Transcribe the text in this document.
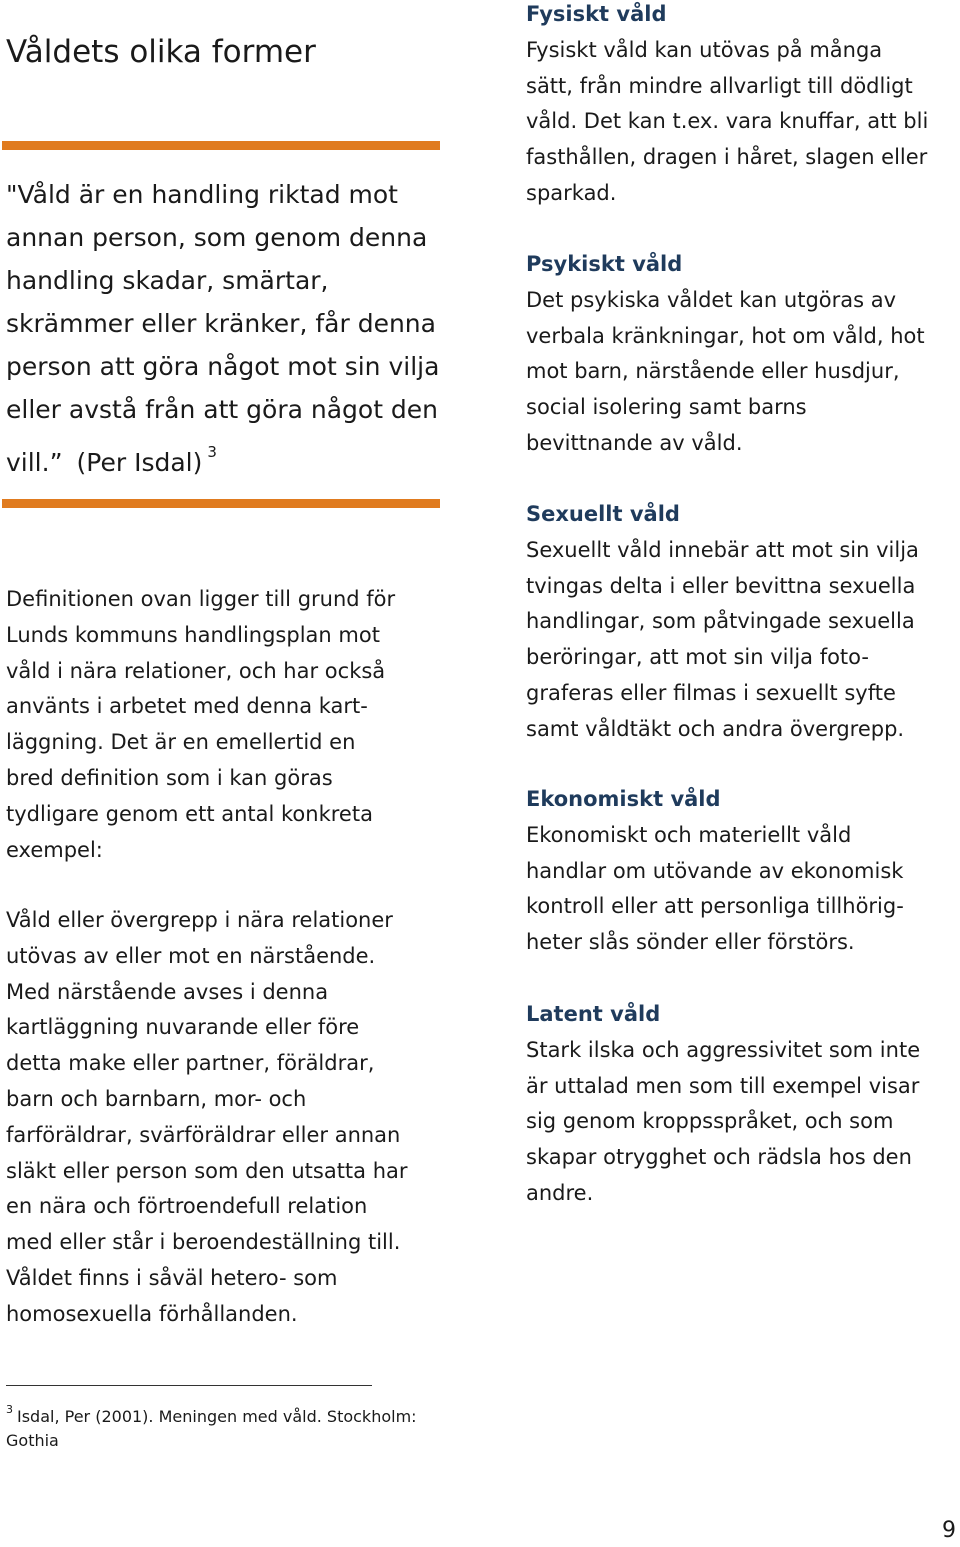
Våldets olika former
"Våld är en handling riktad mot
annan person, som genom denna
handling skadar, smärtar,
skrämmer eller kränker, får denna
person att göra något mot sin vilja
eller avstå från att göra något den
vill.” (Per Isdal) $^3$
Definitionen ovan ligger till grund för
Lunds kommuns handlingsplan mot
våld i nära relationer, och har också
använts i arbetet med denna kart-
läggning. Det är en emellertid en
bred definition som i kan göras
tydligare genom ett antal konkreta
exempel:
Våld eller övergrepp i nära relationer
utövas av eller mot en närstående.
Med närstående avses i denna
kartläggning nuvarande eller före
detta make eller partner, föräldrar,
barn och barnbarn, mor- och
farföräldrar, svärföräldrar eller annan
släkt eller person som den utsatta har
en nära och förtroendefull relation
med eller står i beroendeställning till.
Våldet finns i såväl hetero- som
homosexuella förhållanden.
$^3$ Isdal, Per (2001). Meningen med våld. Stockholm:
Gothia
Fysiskt våld
Fysiskt våld kan utövas på många
sätt, från mindre allvarligt till dödligt
våld. Det kan t.ex. vara knuffar, att bli
fasthållen, dragen i håret, slagen eller
sparkad.
Psykiskt våld
Det psykiska våldet kan utgöras av
verbala kränkningar, hot om våld, hot
mot barn, närstående eller husdjur,
social isolering samt barns
bevittnande av våld.
Sexuellt våld
Sexuellt våld innebär att mot sin vilja
tvingas delta i eller bevittna sexuella
handlingar, som påtvingade sexuella
beröringar, att mot sin vilja foto-
graferas eller filmas i sexuellt syfte
samt våldtäkt och andra övergrepp.
Ekonomiskt våld
Ekonomiskt och materiellt våld
handlar om utövande av ekonomisk
kontroll eller att personliga tillhörig-
heter slås sönder eller förstörs.
Latent våld
Stark ilska och aggressivitet som inte
är uttalad men som till exempel visar
sig genom kroppsspråket, och som
skapar otrygghet och rädsla hos den
andre.
9
